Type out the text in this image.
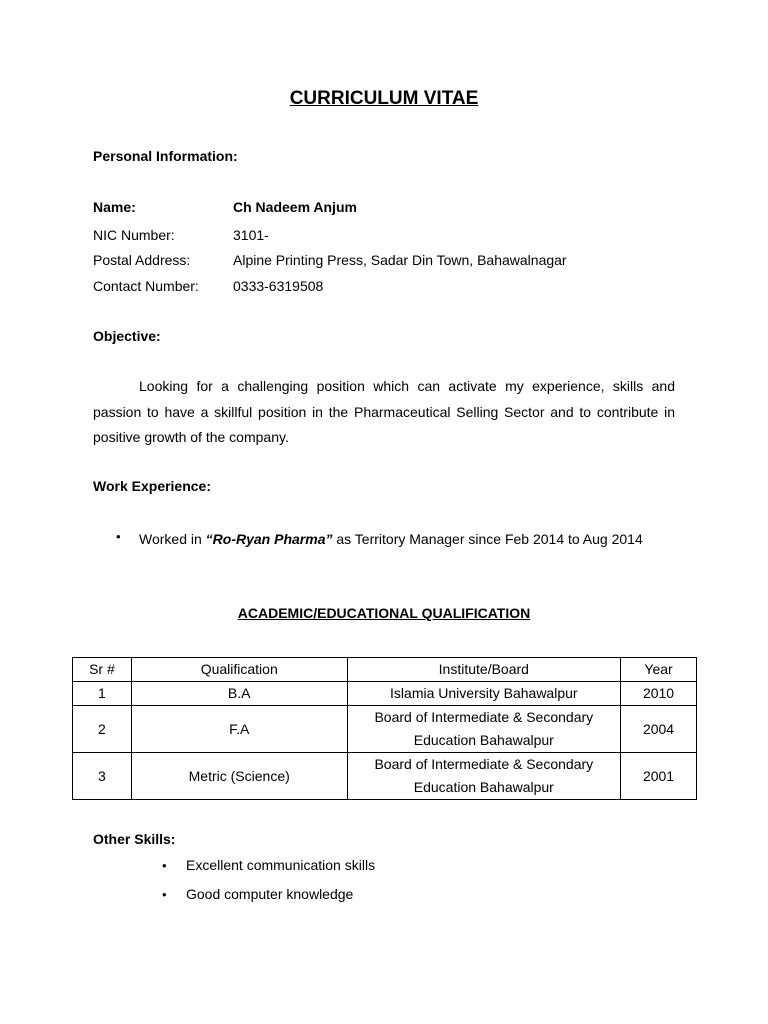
CURRICULUM VITAE
Personal Information:
Name:	Ch Nadeem Anjum
NIC Number:	3101-
Postal Address:	Alpine Printing Press, Sadar Din Town, Bahawalnagar
Contact Number: 0333-6319508
Objective:

Looking for a challenging position which can activate my experience, skills and passion to have a skillful position in the Pharmaceutical Selling Sector and to contribute in positive growth of the company.

Work Experience:
• Worked in “Ro-Ryan Pharma” as Territory Manager since Feb 2014 to Aug 2014
ACADEMIC/EDUCATIONAL QUALIFICATION
Sr #	Qualification	Institute/Board	Year
1	B.A	Islamia University Bahawalpur	2010
2	F.A	Board of Intermediate & Secondary Education Bahawalpur	2004
3	Metric (Science)	Board of Intermediate & Secondary Education Bahawalpur	2001
Other Skills:
• Excellent communication skills
• Good computer knowledge
